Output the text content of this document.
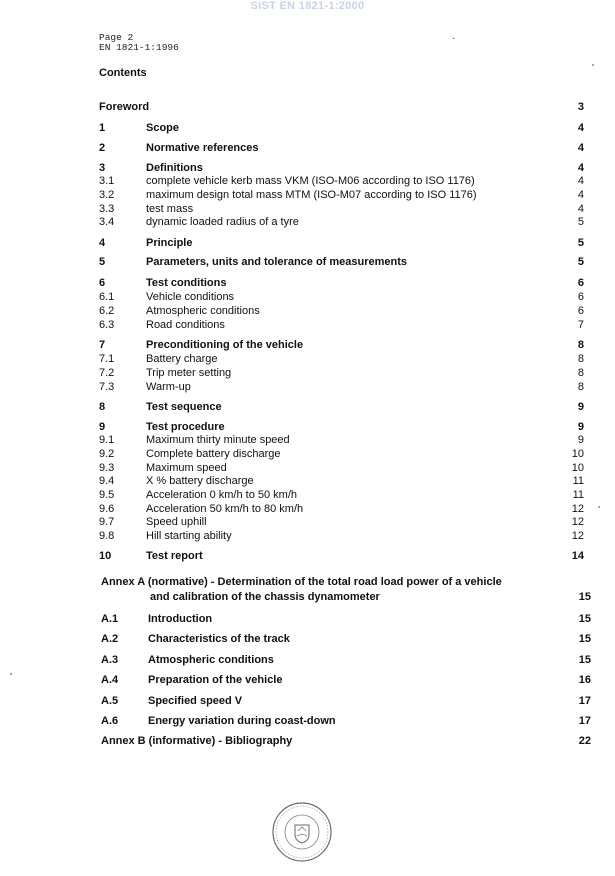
SIST EN 1821-1:2000
Page 2
EN 1821-1:1996
-
Contents
Foreword	3
1	Scope	4
2	Normative references	4
3	Definitions	4
3.1	complete vehicle kerb mass VKM (ISO-M06 according to ISO 1176)	4
3.2	maximum design total mass MTM (ISO-M07 according to ISO 1176)	4
3.3	test mass	4
3.4	dynamic loaded radius of a tyre	5
4	Principle	5
5	Parameters, units and tolerance of measurements	5
6	Test conditions	6
6.1	Vehicle conditions	6
6.2	Atmospheric conditions	6
6.3	Road conditions	7
7	Preconditioning of the vehicle	8
7.1	Battery charge	8
7.2	Trip meter setting	8
7.3	Warm-up	8
8	Test sequence	9
9	Test procedure	9
9.1	Maximum thirty minute speed	9
9.2	Complete battery discharge	10
9.3	Maximum speed	10
9.4	X % battery discharge	11
9.5	Acceleration 0 km/h to 50 km/h	11
9.6	Acceleration 50 km/h to 80 km/h	12
9.7	Speed uphill	12
9.8	Hill starting ability	12
10	Test report	14
Annex A (normative) - Determination of the total road load power of a vehicle
and calibration of the chassis dynamometer	15
A.1	Introduction	15
A.2	Characteristics of the track	15
A.3	Atmospheric conditions	15
A.4	Preparation of the vehicle	16
A.5	Specified speed V	17
A.6	Energy variation during coast-down	17
Annex B (informative) - Bibliography	22
